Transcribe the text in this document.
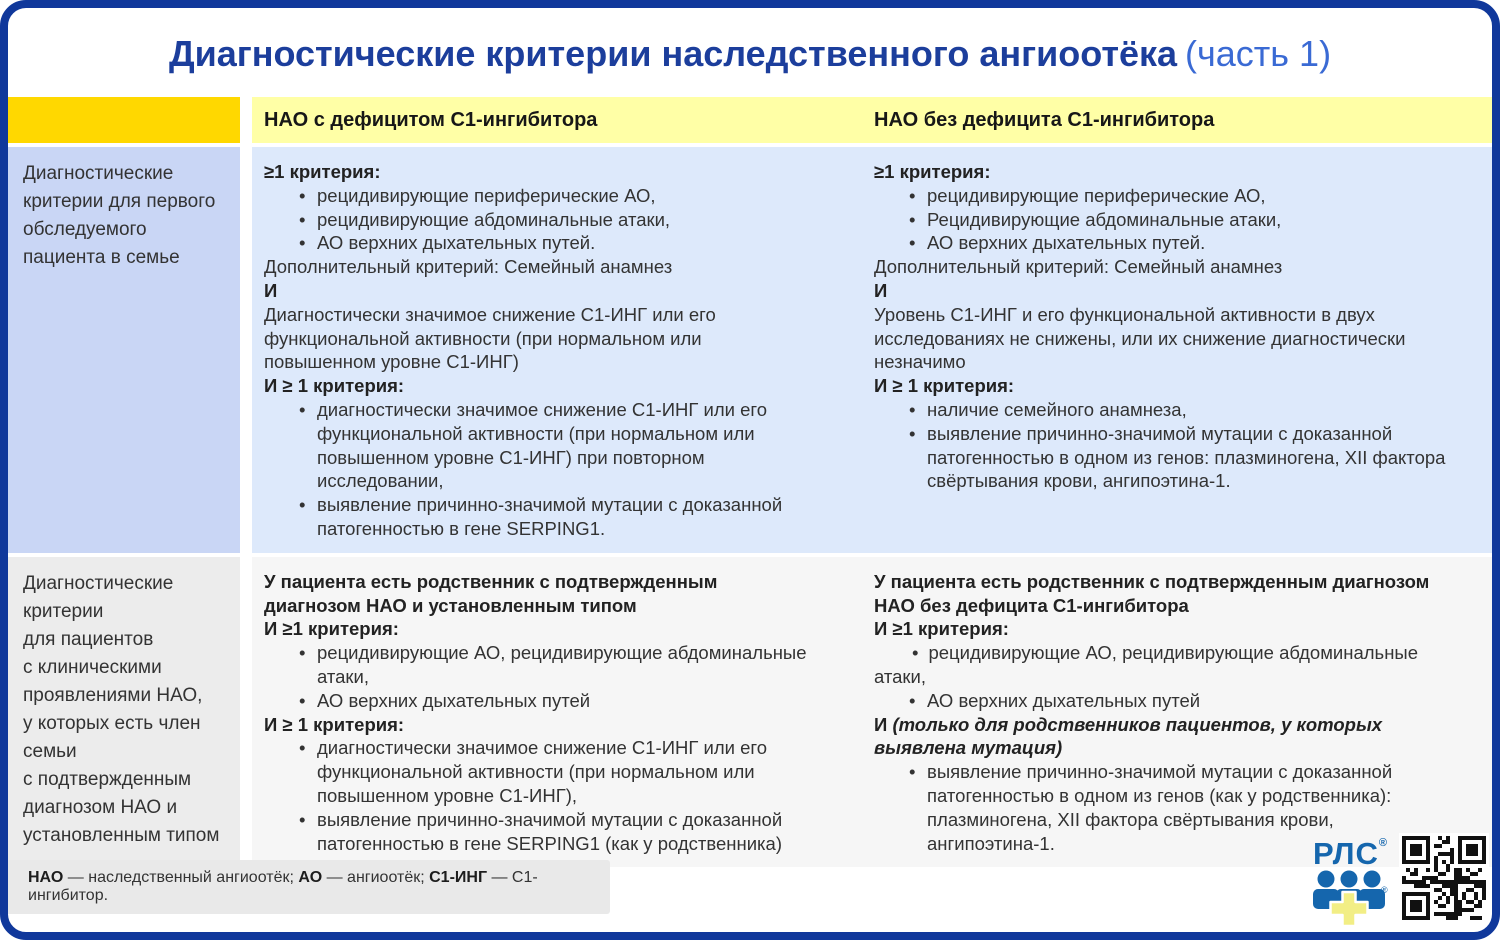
Диагностические критерии наследственного ангиоотёка (часть 1)
НАО с дефицитом С1-ингибитора	НАО без дефицита С1-ингибитора
Диагностические
критерии для первого
обследуемого
пациента в семье
≥1 критерия:
• рецидивирующие периферические АО,
• рецидивирующие абдоминальные атаки,
• АО верхних дыхательных путей.
Дополнительный критерий: Семейный анамнез
И
Диагностически значимое снижение С1-ИНГ или его функциональной активности (при нормальном или повышенном уровне С1-ИНГ)
И ≥ 1 критерия:
• диагностически значимое снижение С1-ИНГ или его функциональной активности (при нормальном или повышенном уровне С1-ИНГ) при повторном исследовании,
• выявление причинно-значимой мутации с доказанной патогенностью в гене SERPING1.
≥1 критерия:
• рецидивирующие периферические АО,
• Рецидивирующие абдоминальные атаки,
• АО верхних дыхательных путей.
Дополнительный критерий: Семейный анамнез
И
Уровень С1-ИНГ и его функциональной активности в двух исследованиях не снижены, или их снижение диагностически незначимо
И ≥ 1 критерия:
• наличие семейного анамнеза,
• выявление причинно-значимой мутации с доказанной патогенностью в одном из генов: плазминогена, XII фактора свёртывания крови, ангипоэтина-1.
Диагностические
критерии
для пациентов
с клиническими
проявлениями НАО,
у которых есть член
семьи
с подтвержденным
диагнозом НАО и
установленным типом
У пациента есть родственник с подтвержденным диагнозом НАО и установленным типом
И ≥1 критерия:
• рецидивирующие АО, рецидивирующие абдоминальные атаки,
• АО верхних дыхательных путей
И ≥ 1 критерия:
• диагностически значимое снижение С1-ИНГ или его функциональной активности (при нормальном или повышенном уровне С1-ИНГ),
• выявление причинно-значимой мутации с доказанной патогенностью в гене SERPING1 (как у родственника)
У пациента есть родственник с подтвержденным диагнозом НАО без дефицита С1-ингибитора
И ≥1 критерия:
• рецидивирующие АО, рецидивирующие абдоминальные атаки,
• АО верхних дыхательных путей
И (только для родственников пациентов, у которых выявлена мутация)
• выявление причинно-значимой мутации с доказанной патогенностью в одном из генов (как у родственника): плазминогена, XII фактора свёртывания крови, ангипоэтина-1.
НАО — наследственный ангиоотёк; АО — ангиоотёк; С1-ИНГ — С1-ингибитор.
РЛС®
®
